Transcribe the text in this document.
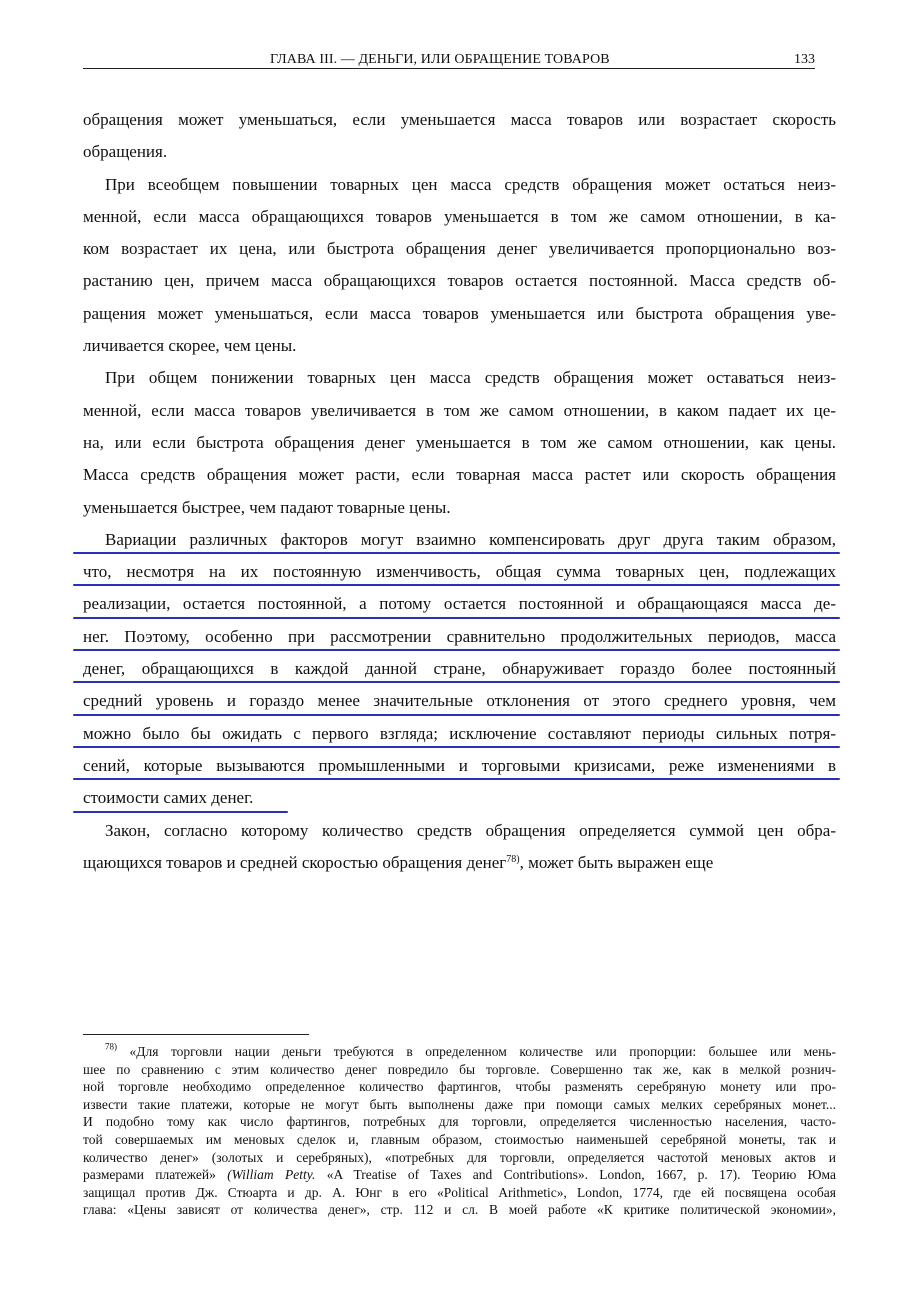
ГЛАВА III. — ДЕНЬГИ, ИЛИ ОБРАЩЕНИЕ ТОВАРОВ	133
обращения может уменьшаться, если уменьшается масса товаров или возрастает скорость
обращения.
При всеобщем повышении товарных цен масса средств обращения может остаться неиз-
менной, если масса обращающихся товаров уменьшается в том же самом отношении, в ка-
ком возрастает их цена, или быстрота обращения денег увеличивается пропорционально воз-
растанию цен, причем масса обращающихся товаров остается постоянной. Масса средств об-
ращения может уменьшаться, если масса товаров уменьшается или быстрота обращения уве-
личивается скорее, чем цены.
При общем понижении товарных цен масса средств обращения может оставаться неиз-
менной, если масса товаров увеличивается в том же самом отношении, в каком падает их це-
на, или если быстрота обращения денег уменьшается в том же самом отношении, как цены.
Масса средств обращения может расти, если товарная масса растет или скорость обращения
уменьшается быстрее, чем падают товарные цены.
Вариации различных факторов могут взаимно компенсировать друг друга таким образом,
что, несмотря на их постоянную изменчивость, общая сумма товарных цен, подлежащих
реализации, остается постоянной, а потому остается постоянной и обращающаяся масса де-
нег. Поэтому, особенно при рассмотрении сравнительно продолжительных периодов, масса
денег, обращающихся в каждой данной стране, обнаруживает гораздо более постоянный
средний уровень и гораздо менее значительные отклонения от этого среднего уровня, чем
можно было бы ожидать с первого взгляда; исключение составляют периоды сильных потря-
сений, которые вызываются промышленными и торговыми кризисами, реже изменениями в
стоимости самих денег.
Закон, согласно которому количество средств обращения определяется суммой цен обра-
щающихся товаров и средней скоростью обращения денег$^{78)}$, может быть выражен еще
$^{78)}$ «Для торговли нации деньги требуются в определенном количестве или пропорции: большее или мень-
шее по сравнению с этим количество денег повредило бы торговле. Совершенно так же, как в мелкой рознич-
ной торговле необходимо определенное количество фартингов, чтобы разменять серебряную монету или про-
извести такие платежи, которые не могут быть выполнены даже при помощи самых мелких серебряных монет...
И подобно тому как число фартингов, потребных для торговли, определяется численностью населения, часто-
той совершаемых им меновых сделок и, главным образом, стоимостью наименьшей серебряной монеты, так и
количество денег» (золотых и серебряных), «потребных для торговли, определяется частотой меновых актов и
размерами платежей» (William Petty. «A Treatise of Taxes and Contributions». London, 1667, p. 17). Теорию Юма
защищал против Дж. Стюарта и др. А. Юнг в его «Political Arithmetic», London, 1774, где ей посвящена особая
глава: «Цены зависят от количества денег», стр. 112 и сл. В моей работе «К критике политической экономии»,
